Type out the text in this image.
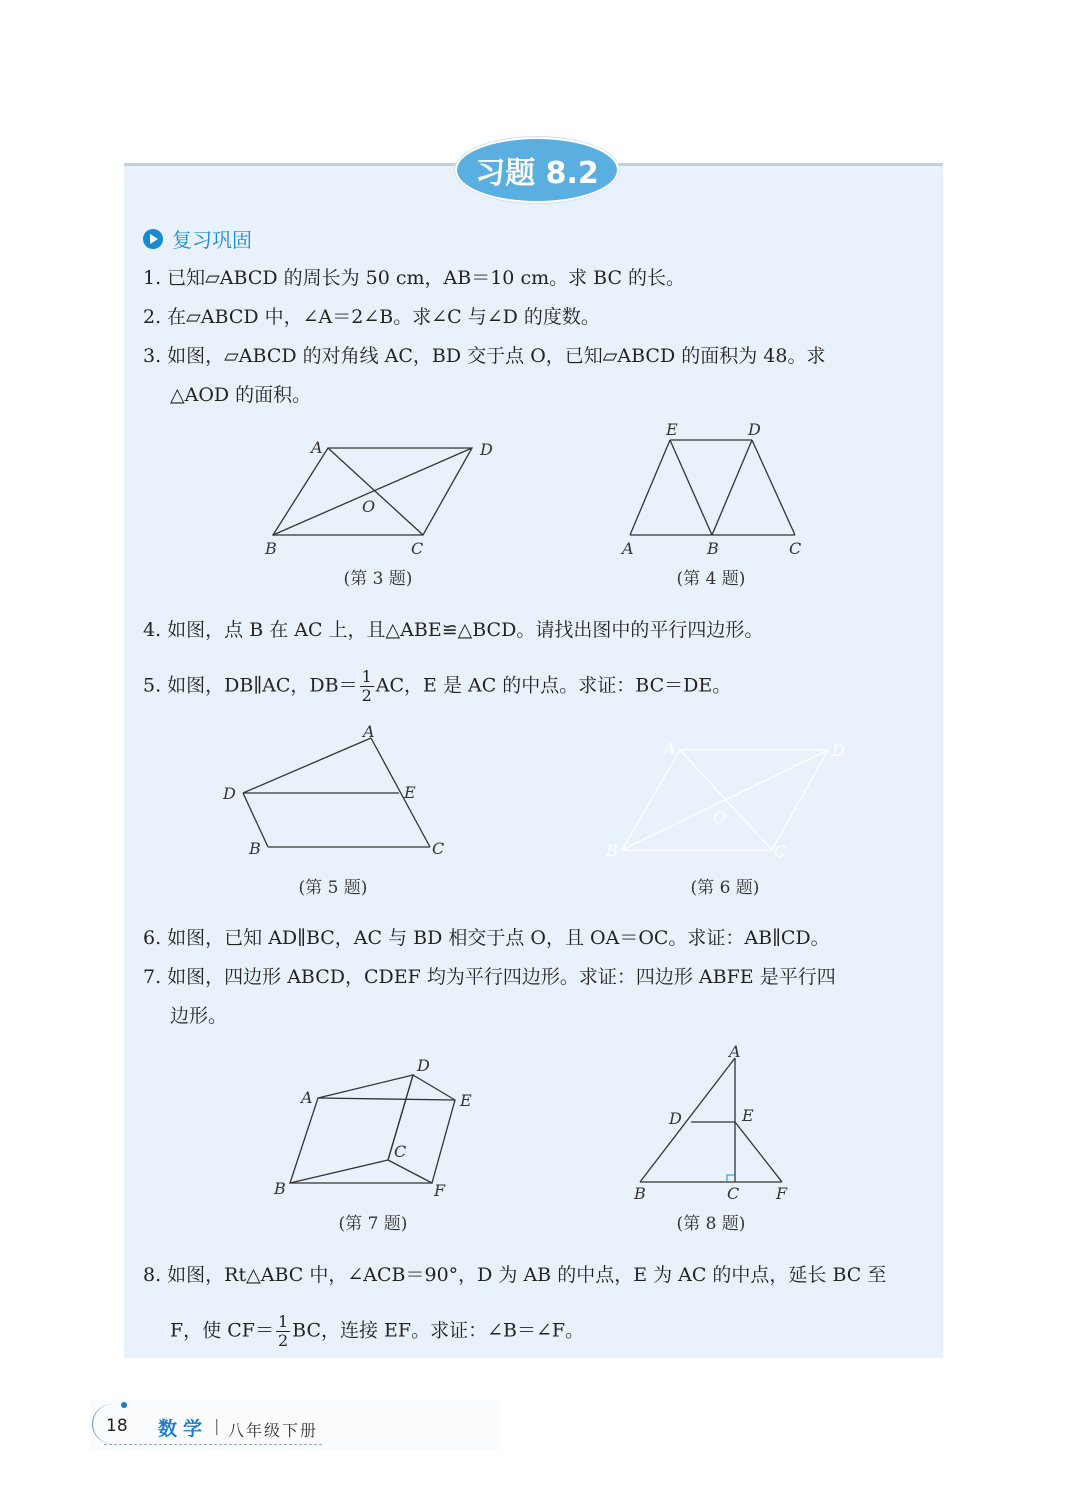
习题 8.2
复习巩固
1. 已知▱ABCD 的周长为 50 cm，AB＝10 cm。求 BC 的长。
2. 在▱ABCD 中，∠A＝2∠B。求∠C 与∠D 的度数。
3. 如图，▱ABCD 的对角线 AC，BD 交于点 O，已知▱ABCD 的面积为 48。求
△AOD 的面积。
4. 如图，点 B 在 AC 上，且△ABE≌△BCD。请找出图中的平行四边形。
5. 如图，DB∥AC，$DB= \frac{1}{2}$ AC，E 是 AC 的中点。求证：BC＝DE。
6. 如图，已知 AD∥BC，AC 与 BD 相交于点 O，且 OA＝OC。求证：AB∥CD。
7. 如图，四边形 ABCD，CDEF 均为平行四边形。求证：四边形 ABFE 是平行四
边形。
8. 如图，Rt△ABC 中，∠ACB＝90°，D 为 AB 的中点，E 为 AC 的中点，延长 BC 至
F，使 $CF= \frac{1}{2}$ BC，连接 EF。求证：∠B＝∠F。
A	D
B	C
O
(第 3 题)
E	D
A	B	C
(第 4 题)
A
D	E
B	C
(第 5 题)
A	D
B	C
O
(第 6 题)
A
D
E
B
C
F
(第 7 题)
A
D	E
B	C F
(第 8 题)
18 数学 | 八年级下册
